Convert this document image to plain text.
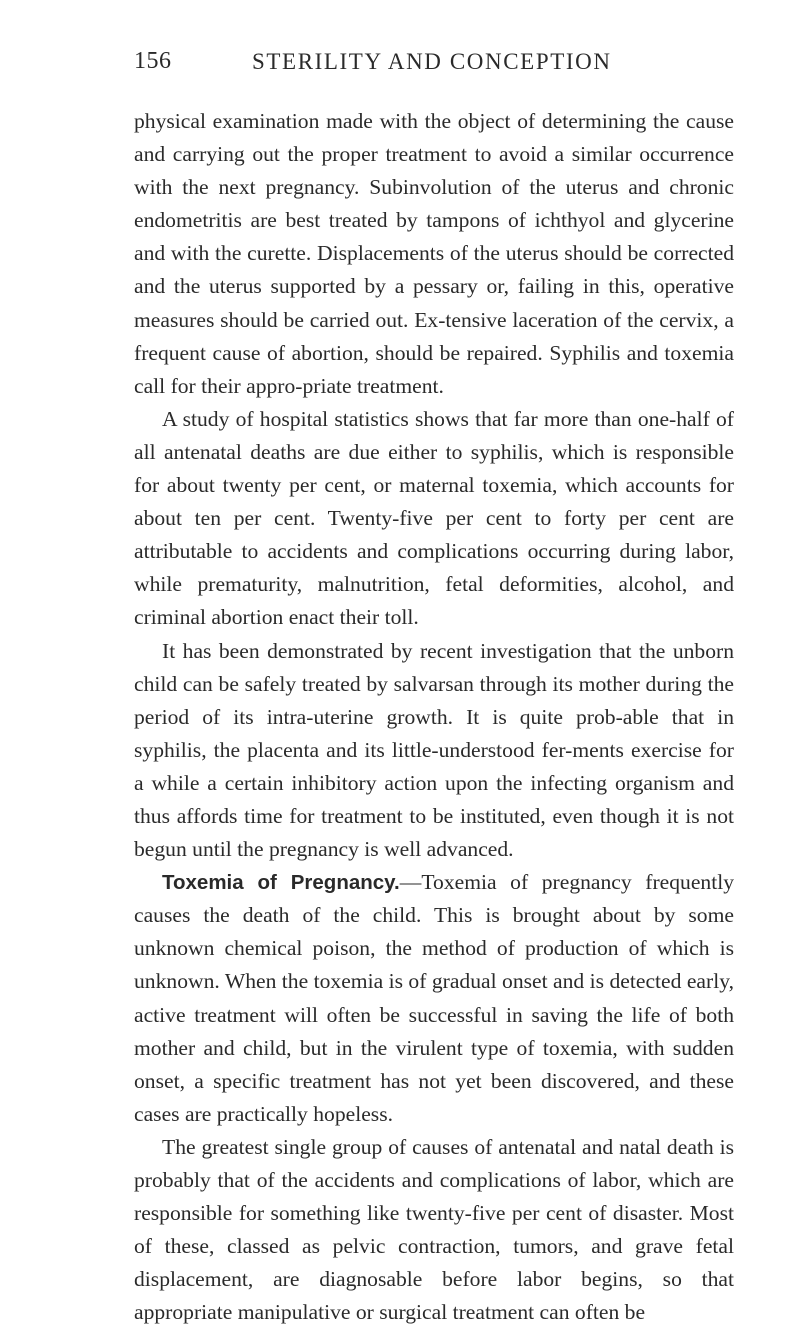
156	STERILITY AND CONCEPTION

physical examination made with the object of determining the cause and carrying out the proper treatment to avoid a similar occurrence with the next pregnancy. Subinvolution of the uterus and chronic endometritis are best treated by tampons of ichthyol and glycerine and with the curette. Displacements of the uterus should be corrected and the uterus supported by a pessary or, failing in this, operative measures should be carried out. Ex-tensive laceration of the cervix, a frequent cause of abortion, should be repaired. Syphilis and toxemia call for their appro-priate treatment.

A study of hospital statistics shows that far more than one-half of all antenatal deaths are due either to syphilis, which is responsible for about twenty per cent, or maternal toxemia, which accounts for about ten per cent. Twenty-five per cent to forty per cent are attributable to accidents and complications occurring during labor, while prematurity, malnutrition, fetal deformities, alcohol, and criminal abortion enact their toll.

It has been demonstrated by recent investigation that the unborn child can be safely treated by salvarsan through its mother during the period of its intra-uterine growth. It is quite prob-able that in syphilis, the placenta and its little-understood fer-ments exercise for a while a certain inhibitory action upon the infecting organism and thus affords time for treatment to be instituted, even though it is not begun until the pregnancy is well advanced.

Toxemia of Pregnancy.—Toxemia of pregnancy frequently causes the death of the child. This is brought about by some unknown chemical poison, the method of production of which is unknown. When the toxemia is of gradual onset and is detected early, active treatment will often be successful in saving the life of both mother and child, but in the virulent type of toxemia, with sudden onset, a specific treatment has not yet been discovered, and these cases are practically hopeless.

The greatest single group of causes of antenatal and natal death is probably that of the accidents and complications of labor, which are responsible for something like twenty-five per cent of disaster. Most of these, classed as pelvic contraction, tumors, and grave fetal displacement, are diagnosable before labor begins, so that appropriate manipulative or surgical treatment can often be
